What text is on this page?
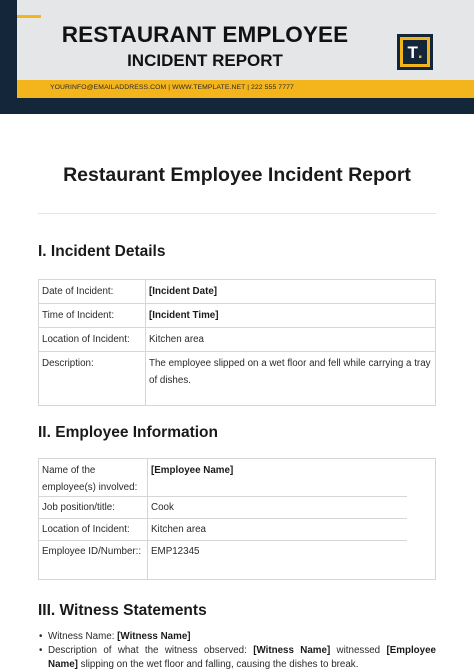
RESTAURANT EMPLOYEE
INCIDENT REPORT
YOURINFO@EMAILADDRESS.COM | WWW.TEMPLATE.NET | 222 555 7777
T .
Restaurant Employee Incident Report
I. Incident Details
Date of Incident:	[Incident Date]
Time of Incident:	[Incident Time]
Location of Incident:	Kitchen area
Description:	The employee slipped on a wet floor and fell while carrying a tray of dishes.
II. Employee Information
Name of the employee(s) involved:
[Employee Name]
Job position/title:	Cook
Location of Incident: Kitchen area
Employee ID/Number:: EMP12345
III. Witness Statements
• Witness Name: [Witness Name]
• Description of what the witness observed: [Witness Name] witnessed [Employee Name] slipping on the wet floor and falling, causing the dishes to break.
